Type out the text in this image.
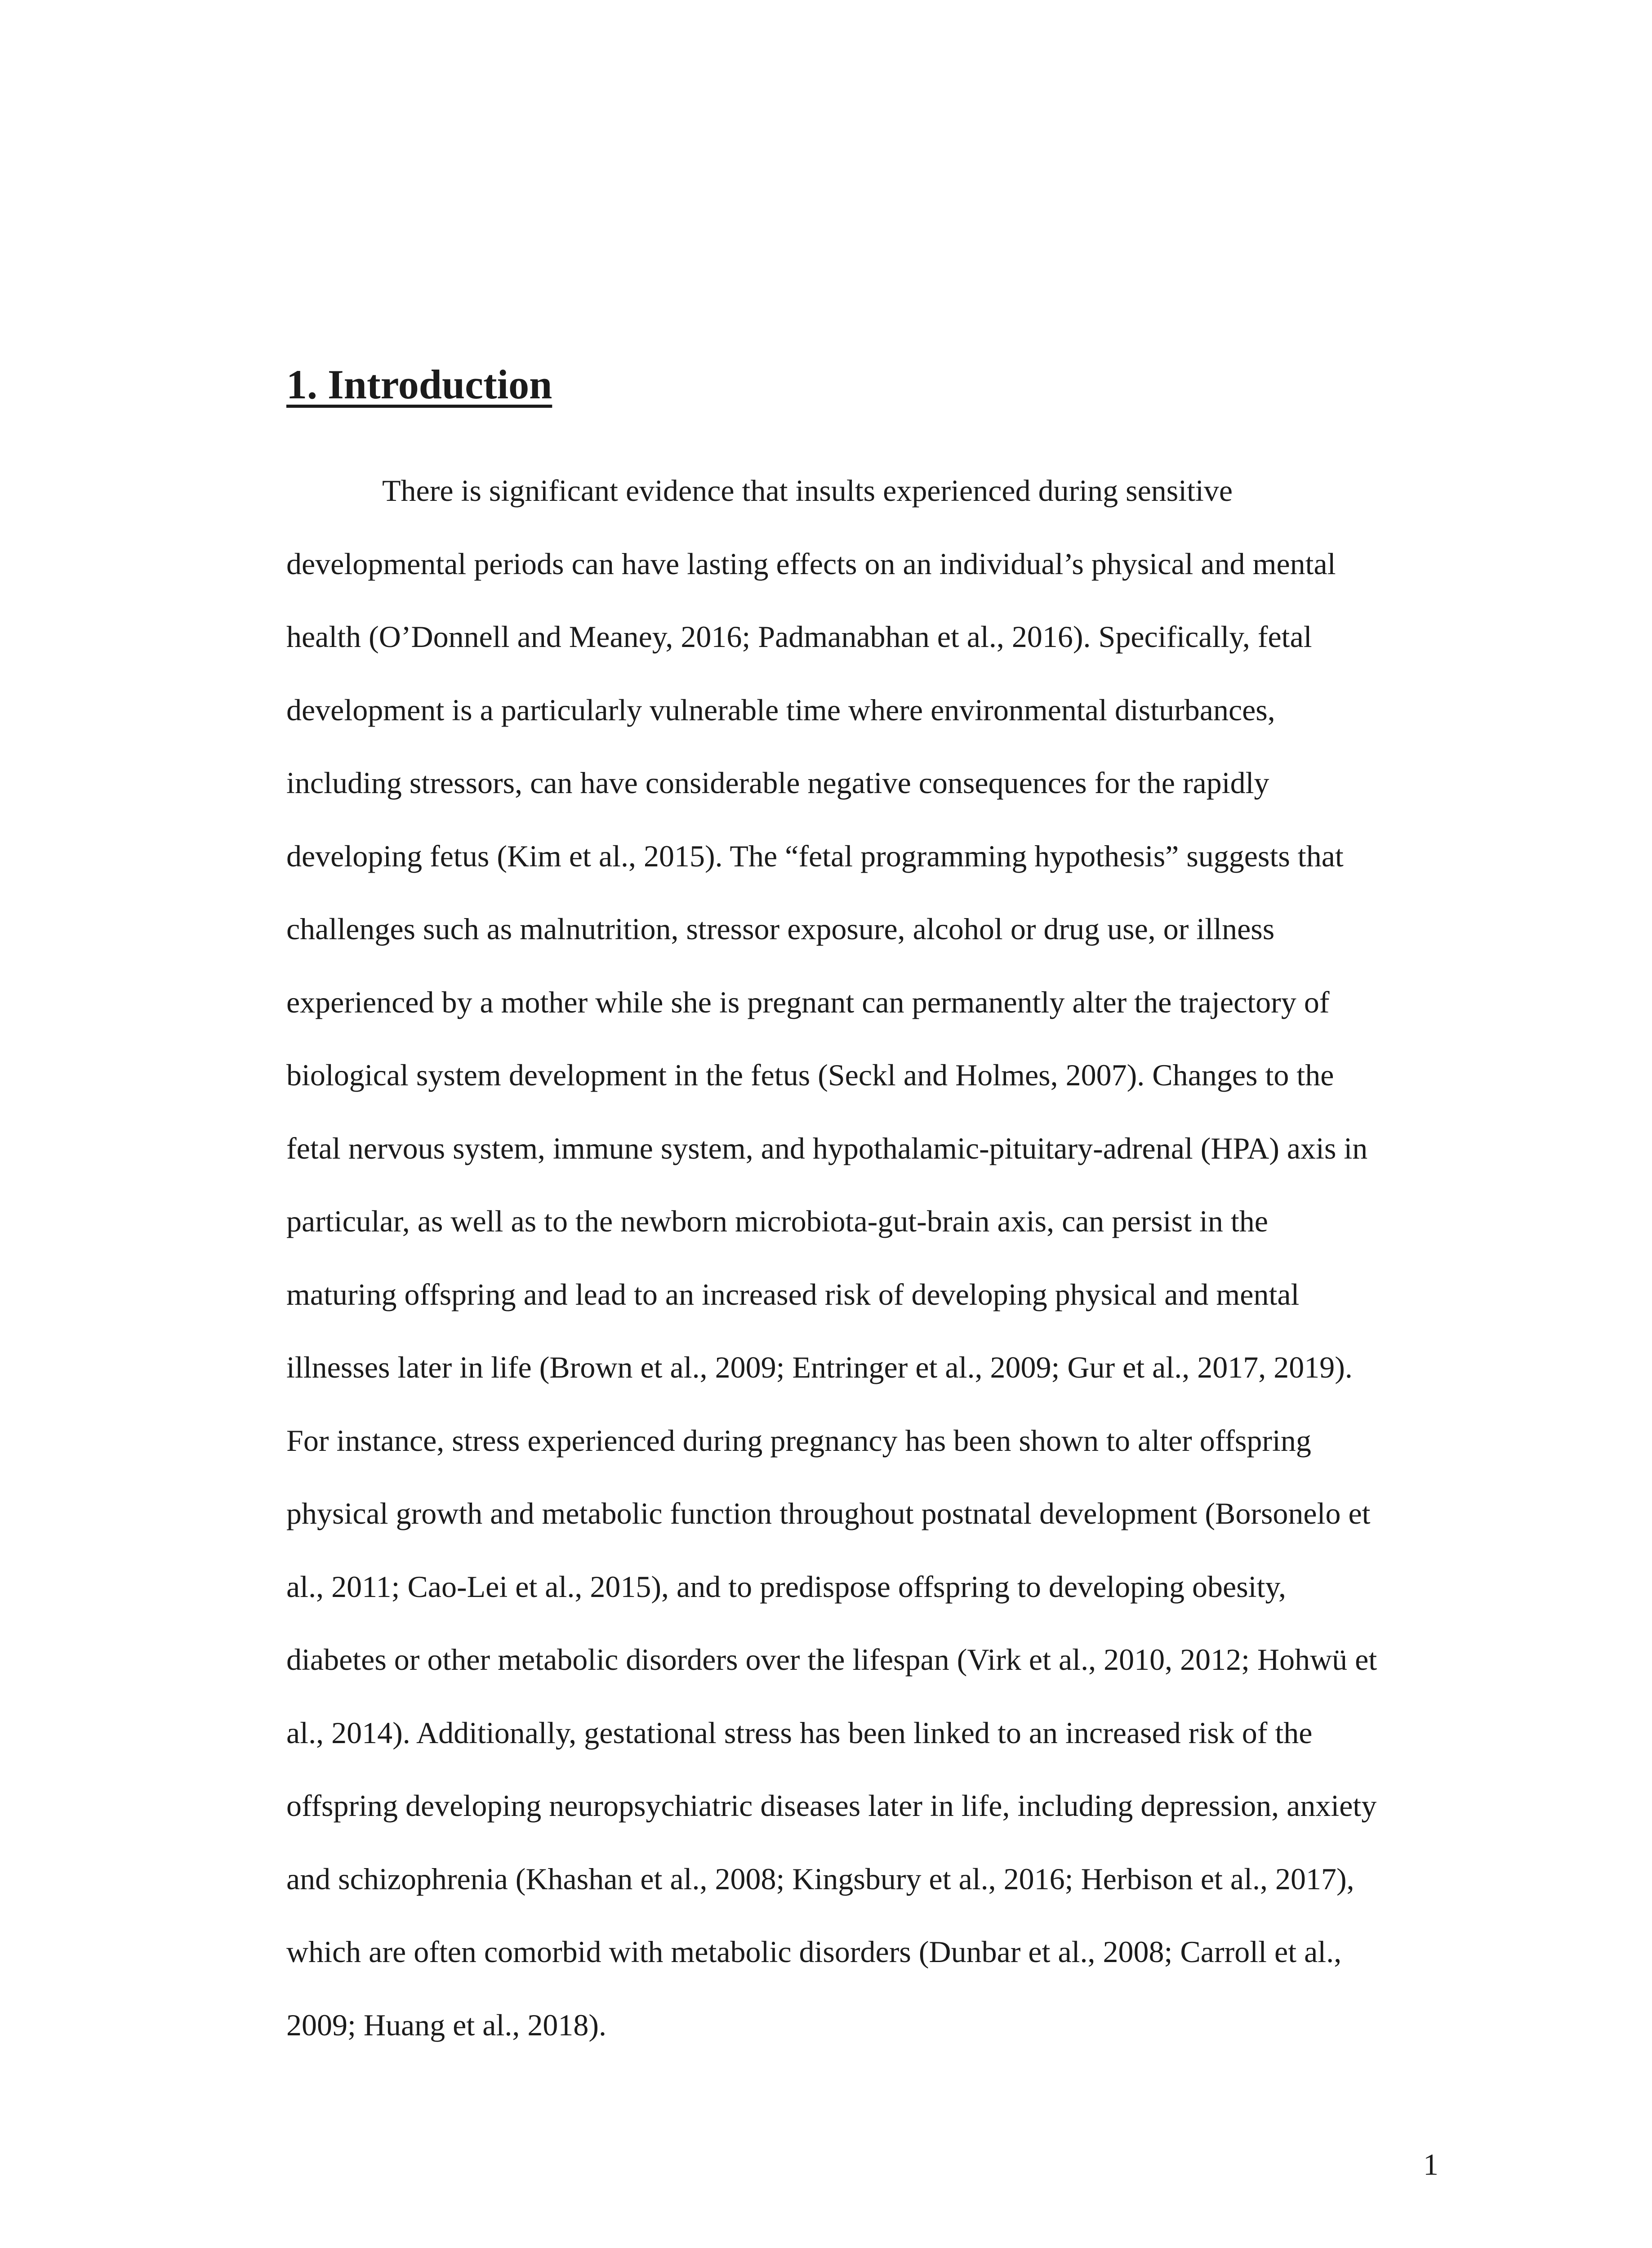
1. Introduction
There is significant evidence that insults experienced during sensitive
developmental periods can have lasting effects on an individual’s physical and mental
health (O’Donnell and Meaney, 2016; Padmanabhan et al., 2016). Specifically, fetal
development is a particularly vulnerable time where environmental disturbances,
including stressors, can have considerable negative consequences for the rapidly
developing fetus (Kim et al., 2015). The “fetal programming hypothesis” suggests that
challenges such as malnutrition, stressor exposure, alcohol or drug use, or illness
experienced by a mother while she is pregnant can permanently alter the trajectory of
biological system development in the fetus (Seckl and Holmes, 2007). Changes to the
fetal nervous system, immune system, and hypothalamic-pituitary-adrenal (HPA) axis in
particular, as well as to the newborn microbiota-gut-brain axis, can persist in the
maturing offspring and lead to an increased risk of developing physical and mental
illnesses later in life (Brown et al., 2009; Entringer et al., 2009; Gur et al., 2017, 2019).
For instance, stress experienced during pregnancy has been shown to alter offspring
physical growth and metabolic function throughout postnatal development (Borsonelo et
al., 2011; Cao-Lei et al., 2015), and to predispose offspring to developing obesity,
diabetes or other metabolic disorders over the lifespan (Virk et al., 2010, 2012; Hohwü et
al., 2014). Additionally, gestational stress has been linked to an increased risk of the
offspring developing neuropsychiatric diseases later in life, including depression, anxiety
and schizophrenia (Khashan et al., 2008; Kingsbury et al., 2016; Herbison et al., 2017),
which are often comorbid with metabolic disorders (Dunbar et al., 2008; Carroll et al.,
2009; Huang et al., 2018).
1
